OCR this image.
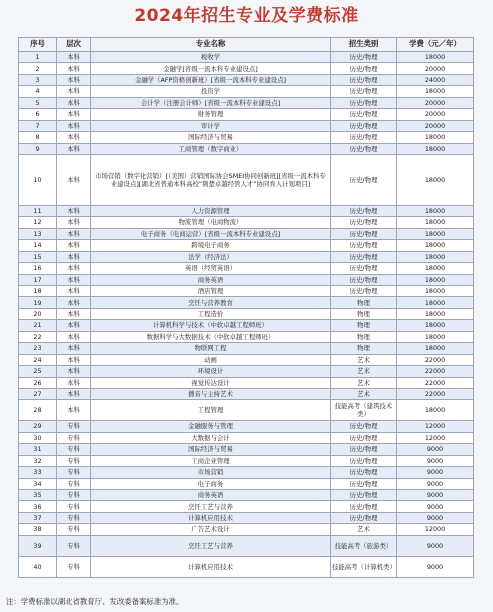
2024年招生专业及学费标准
序号	层次	专业名称	招生类别	学费（元／年）
1	本科	税收学	历史/物理	18000
2	本科	金融学[省级一流本科专业建设点]	历史/物理	20000
3	本科	金融学（AFP资格创新班）[省级一流本科专业建设点]	历史/物理	24000
4	本科	投资学	历史/物理	18000
5	本科	会计学（注册会计师）[省级一流本科专业建设点]	历史/物理	20000
6	本科	财务管理	历史/物理	20000
7	本科	审计学	历史/物理	20000
8	本科	国际经济与贸易	历史/物理	18000
9	本科	工商管理（数字商业）	历史/物理	18000
10	本科	市场营销（数字化营销）[（美国）营销国际协会SMEI协同创新班][省级一流本科专业建设点][湖北省普通本科高校“荆楚卓越经管人才”协同育人计划项目]	历史/物理	18000
11	本科	人力资源管理	历史/物理	18000
12	本科	物流管理（电商物流）	历史/物理	18000
13	本科	电子商务（电商运营）[省级一流本科专业建设点]	历史/物理	18000
14	本科	跨境电子商务	历史/物理	18000
15	本科	法学（经济法）	历史/物理	18000
16	本科	英语（经贸英语）	历史/物理	18000
17	本科	商务英语	历史/物理	18000
18	本科	酒店管理	历史/物理	18000
19	本科	烹饪与营养教育	物理	18000
20	本科	工程造价	物理	18000
21	本科	计算机科学与技术（中软卓越工程师班）	物理	18000
22	本科	数据科学与大数据技术（中软卓越工程师班）	物理	18000
23	本科	物联网工程	物理	18000
24	本科	动画	艺术	22000
25	本科	环境设计	艺术	22000
26	本科	视觉传达设计	艺术	22000
27	本科	播音与主持艺术	艺术	22000
28	本科	工程管理	技能高考（建筑技术类）	18000
29	专科	金融服务与管理	历史/物理	12000
30	专科	大数据与会计	历史/物理	12000
31	专科	国际经济与贸易	历史/物理	9000
32	专科	工商企业管理	历史/物理	9000
33	专科	市场营销	历史/物理	9000
34	专科	电子商务	历史/物理	9000
35	专科	商务英语	历史/物理	9000
36	专科	烹饪工艺与营养	历史/物理	9000
37	专科	计算机应用技术	历史/物理	9000
38	专科	广告艺术设计	艺术	12000
39	专科	烹饪工艺与营养	技能高考（旅游类）	9000
40	专科	计算机应用技术	技能高考（计算机类）	9000
注：学费标准以湖北省教育厅、发改委备案标准为准。
